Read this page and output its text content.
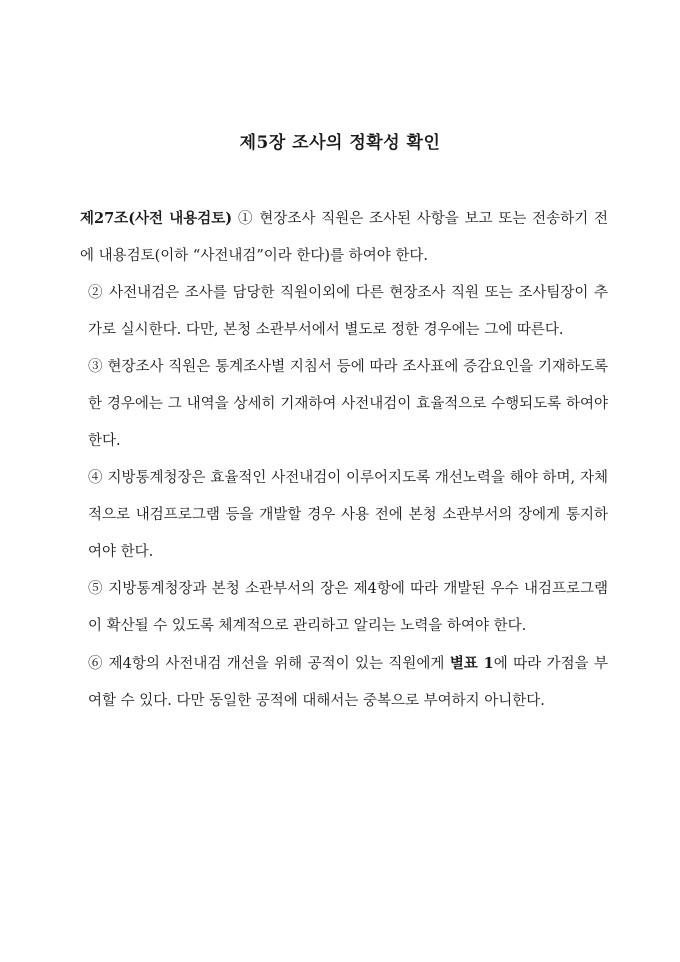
제5장 조사의 정확성 확인

제27조(사전 내용검토) ① 현장조사 직원은 조사된 사항을 보고 또는 전송하기 전에 내용검토(이하 “사전내검”이라 한다)를 하여야 한다.

② 사전내검은 조사를 담당한 직원이외에 다른 현장조사 직원 또는 조사팀장이 추가로 실시한다. 다만, 본청 소관부서에서 별도로 정한 경우에는 그에 따른다.

③ 현장조사 직원은 통계조사별 지침서 등에 따라 조사표에 증감요인을 기재하도록 한 경우에는 그 내역을 상세히 기재하여 사전내검이 효율적으로 수행되도록 하여야 한다.

④ 지방통계청장은 효율적인 사전내검이 이루어지도록 개선노력을 해야 하며, 자체적으로 내검프로그램 등을 개발할 경우 사용 전에 본청 소관부서의 장에게 통지하여야 한다.

⑤ 지방통계청장과 본청 소관부서의 장은 제4항에 따라 개발된 우수 내검프로그램이 확산될 수 있도록 체계적으로 관리하고 알리는 노력을 하여야 한다.

⑥ 제4항의 사전내검 개선을 위해 공적이 있는 직원에게 별표 1에 따라 가점을 부여할 수 있다. 다만 동일한 공적에 대해서는 중복으로 부여하지 아니한다.
